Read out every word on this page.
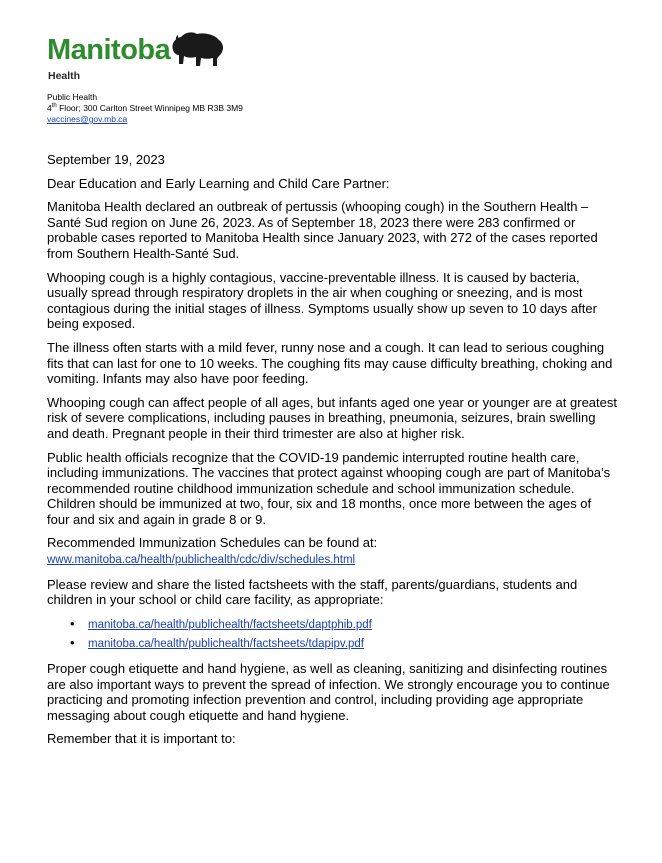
Manitoba
Health
Public Health
4th Floor; 300 Carlton Street Winnipeg MB R3B 3M9
vaccines@gov.mb.ca

September 19, 2023

Dear Education and Early Learning and Child Care Partner:

Manitoba Health declared an outbreak of pertussis (whooping cough) in the Southern Health – Santé Sud region on June 26, 2023. As of September 18, 2023 there were 283 confirmed or probable cases reported to Manitoba Health since January 2023, with 272 of the cases reported from Southern Health-Santé Sud.

Whooping cough is a highly contagious, vaccine-preventable illness. It is caused by bacteria, usually spread through respiratory droplets in the air when coughing or sneezing, and is most contagious during the initial stages of illness. Symptoms usually show up seven to 10 days after being exposed.

The illness often starts with a mild fever, runny nose and a cough. It can lead to serious coughing fits that can last for one to 10 weeks. The coughing fits may cause difficulty breathing, choking and vomiting. Infants may also have poor feeding.

Whooping cough can affect people of all ages, but infants aged one year or younger are at greatest risk of severe complications, including pauses in breathing, pneumonia, seizures, brain swelling and death. Pregnant people in their third trimester are also at higher risk.

Public health officials recognize that the COVID-19 pandemic interrupted routine health care, including immunizations. The vaccines that protect against whooping cough are part of Manitoba’s recommended routine childhood immunization schedule and school immunization schedule. Children should be immunized at two, four, six and 18 months, once more between the ages of four and six and again in grade 8 or 9.

Recommended Immunization Schedules can be found at:
www.manitoba.ca/health/publichealth/cdc/div/schedules.html

Please review and share the listed factsheets with the staff, parents/guardians, students and children in your school or child care facility, as appropriate:

• manitoba.ca/health/publichealth/factsheets/daptphib.pdf
• manitoba.ca/health/publichealth/factsheets/tdapipv.pdf

Proper cough etiquette and hand hygiene, as well as cleaning, sanitizing and disinfecting routines are also important ways to prevent the spread of infection. We strongly encourage you to continue practicing and promoting infection prevention and control, including providing age appropriate messaging about cough etiquette and hand hygiene.

Remember that it is important to:
